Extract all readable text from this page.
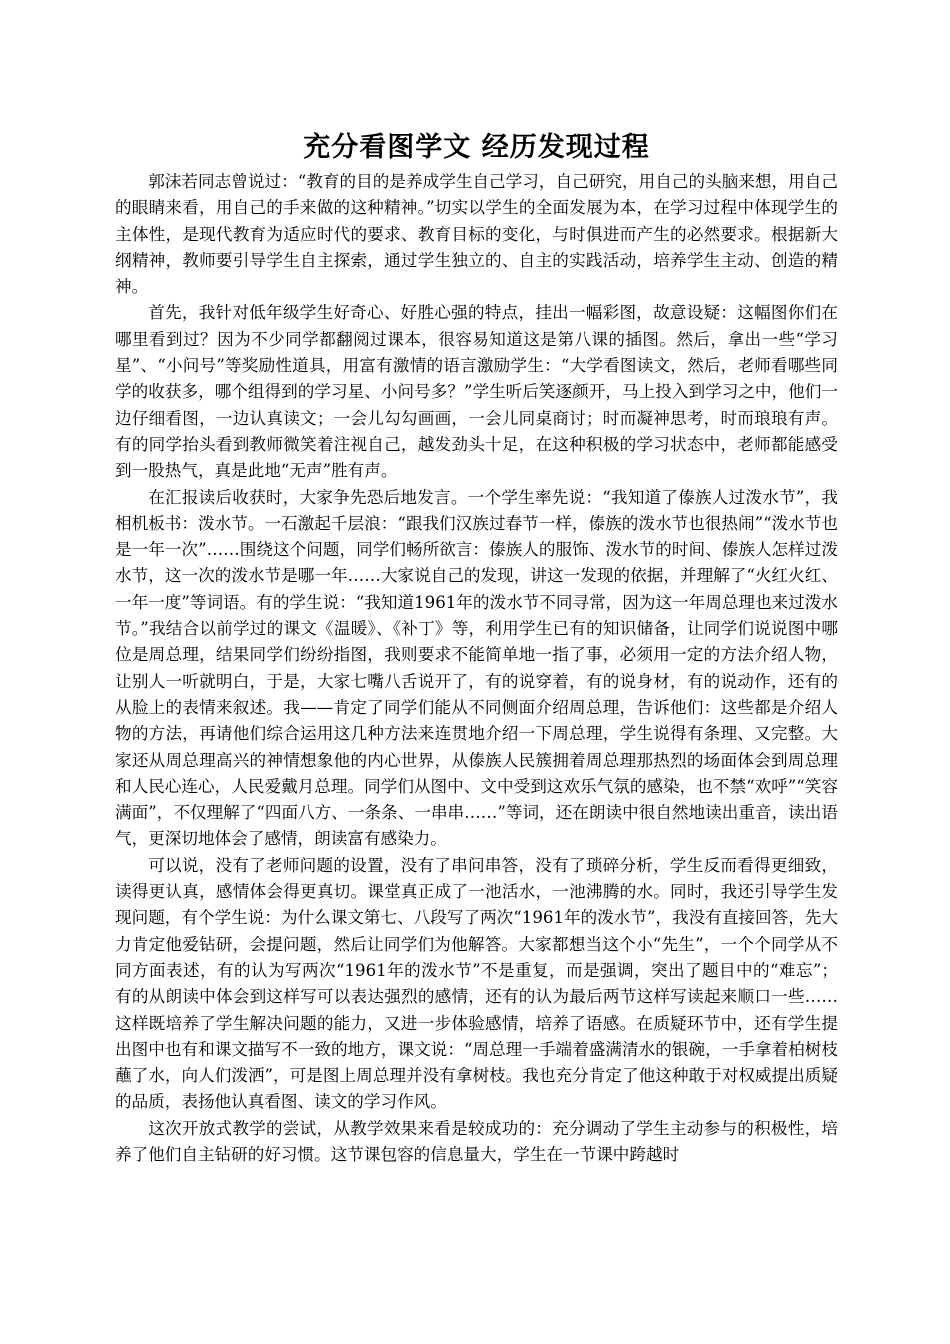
充分看图学文 经历发现过程

郭沫若同志曾说过：“教育的目的是养成学生自己学习，自己研究，用自己的头脑来想，用自己的眼睛来看，用自己的手来做的这种精神。”切实以学生的全面发展为本，在学习过程中体现学生的主体性，是现代教育为适应时代的要求、教育目标的变化，与时俱进而产生的必然要求。根据新大纲精神，教师要引导学生自主探索，通过学生独立的、自主的实践活动，培养学生主动、创造的精神。

首先，我针对低年级学生好奇心、好胜心强的特点，挂出一幅彩图，故意设疑：这幅图你们在哪里看到过？因为不少同学都翻阅过课本，很容易知道这是第八课的插图。然后，拿出一些“学习星”、“小问号”等奖励性道具，用富有激情的语言激励学生：“大学看图读文，然后，老师看哪些同学的收获多，哪个组得到的学习星、小问号多？”学生听后笑逐颜开，马上投入到学习之中，他们一边仔细看图，一边认真读文；一会儿勾勾画画，一会儿同桌商讨；时而凝神思考，时而琅琅有声。有的同学抬头看到教师微笑着注视自己，越发劲头十足，在这种积极的学习状态中，老师都能感受到一股热气，真是此地“无声”胜有声。

在汇报读后收获时，大家争先恐后地发言。一个学生率先说：“我知道了傣族人过泼水节”，我相机板书：泼水节。一石激起千层浪：“跟我们汉族过春节一样，傣族的泼水节也很热闹”“泼水节也是一年一次”……围绕这个问题，同学们畅所欲言：傣族人的服饰、泼水节的时间、傣族人怎样过泼水节，这一次的泼水节是哪一年……大家说自己的发现，讲这一发现的依据，并理解了“火红火红、一年一度”等词语。有的学生说：“我知道1961年的泼水节不同寻常，因为这一年周总理也来过泼水节。”我结合以前学过的课文《温暖》、《补丁》等，利用学生已有的知识储备，让同学们说说图中哪位是周总理，结果同学们纷纷指图，我则要求不能简单地一指了事，必须用一定的方法介绍人物，让别人一听就明白，于是，大家七嘴八舌说开了，有的说穿着，有的说身材，有的说动作，还有的从脸上的表情来叙述。我——肯定了同学们能从不同侧面介绍周总理，告诉他们：这些都是介绍人物的方法，再请他们综合运用这几种方法来连贯地介绍一下周总理，学生说得有条理、又完整。大家还从周总理高兴的神情想象他的内心世界，从傣族人民簇拥着周总理那热烈的场面体会到周总理和人民心连心，人民爱戴月总理。同学们从图中、文中受到这欢乐气氛的感染，也不禁“欢呼”“笑容满面”，不仅理解了“四面八方、一条条、一串串……”等词，还在朗读中很自然地读出重音，读出语气，更深切地体会了感情，朗读富有感染力。

可以说，没有了老师问题的设置，没有了串问串答，没有了琐碎分析，学生反而看得更细致，读得更认真，感情体会得更真切。课堂真正成了一池活水，一池沸腾的水。同时，我还引导学生发现问题，有个学生说：为什么课文第七、八段写了两次“1961年的泼水节”，我没有直接回答，先大力肯定他爱钻研，会提问题，然后让同学们为他解答。大家都想当这个小“先生”，一个个同学从不同方面表述，有的认为写两次“1961年的泼水节”不是重复，而是强调，突出了题目中的“难忘”；有的从朗读中体会到这样写可以表达强烈的感情，还有的认为最后两节这样写读起来顺口一些……这样既培养了学生解决问题的能力，又进一步体验感情，培养了语感。在质疑环节中，还有学生提出图中也有和课文描写不一致的地方，课文说：“周总理一手端着盛满清水的银碗，一手拿着柏树枝蘸了水，向人们泼洒”，可是图上周总理并没有拿树枝。我也充分肯定了他这种敢于对权威提出质疑的品质，表扬他认真看图、读文的学习作风。

这次开放式教学的尝试，从教学效果来看是较成功的：充分调动了学生主动参与的积极性，培养了他们自主钻研的好习惯。这节课包容的信息量大，学生在一节课中跨越时
